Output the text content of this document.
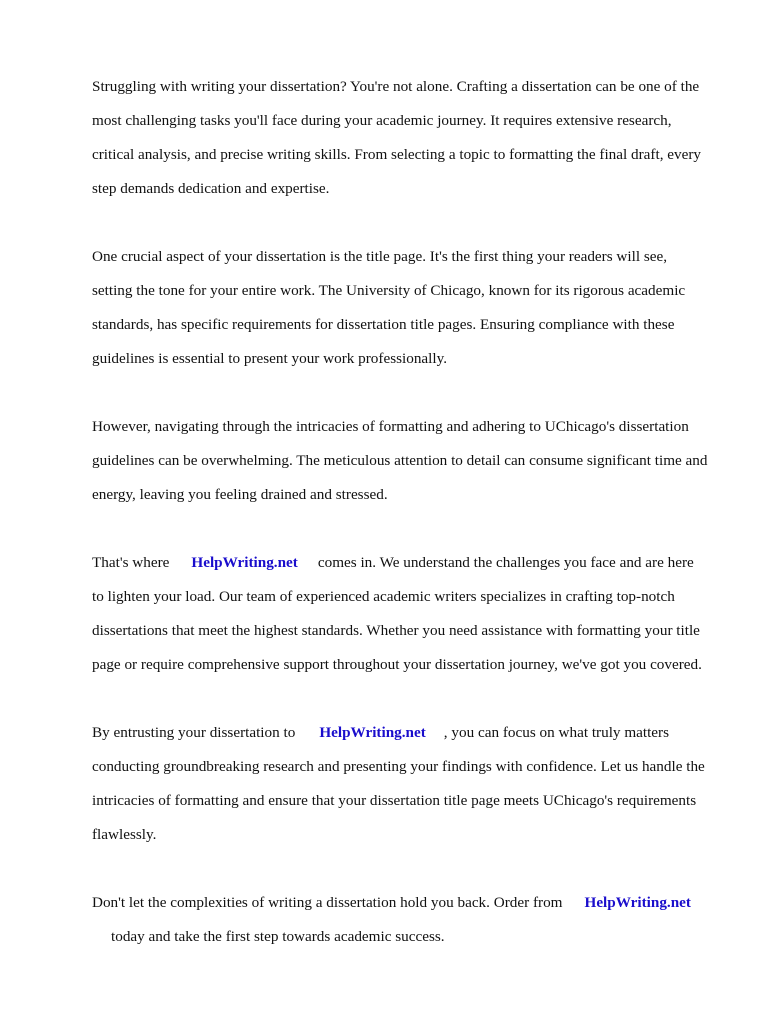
Struggling with writing your dissertation? You're not alone. Crafting a dissertation can be one of the

most challenging tasks you'll face during your academic journey. It requires extensive research,

critical analysis, and precise writing skills. From selecting a topic to formatting the final draft, every

step demands dedication and expertise.

One crucial aspect of your dissertation is the title page. It's the first thing your readers will see,

setting the tone for your entire work. The University of Chicago, known for its rigorous academic

standards, has specific requirements for dissertation title pages. Ensuring compliance with these

guidelines is essential to present your work professionally.

However, navigating through the intricacies of formatting and adhering to UChicago's dissertation

guidelines can be overwhelming. The meticulous attention to detail can consume significant time and

energy, leaving you feeling drained and stressed.

That's where HelpWriting.net comes in. We understand the challenges you face and are here

to lighten your load. Our team of experienced academic writers specializes in crafting top-notch

dissertations that meet the highest standards. Whether you need assistance with formatting your title

page or require comprehensive support throughout your dissertation journey, we've got you covered.

By entrusting your dissertation to HelpWriting.net , you can focus on what truly matters

conducting groundbreaking research and presenting your findings with confidence. Let us handle the

intricacies of formatting and ensure that your dissertation title page meets UChicago's requirements

flawlessly.

Don't let the complexities of writing a dissertation hold you back. Order from HelpWriting.net

today and take the first step towards academic success.
